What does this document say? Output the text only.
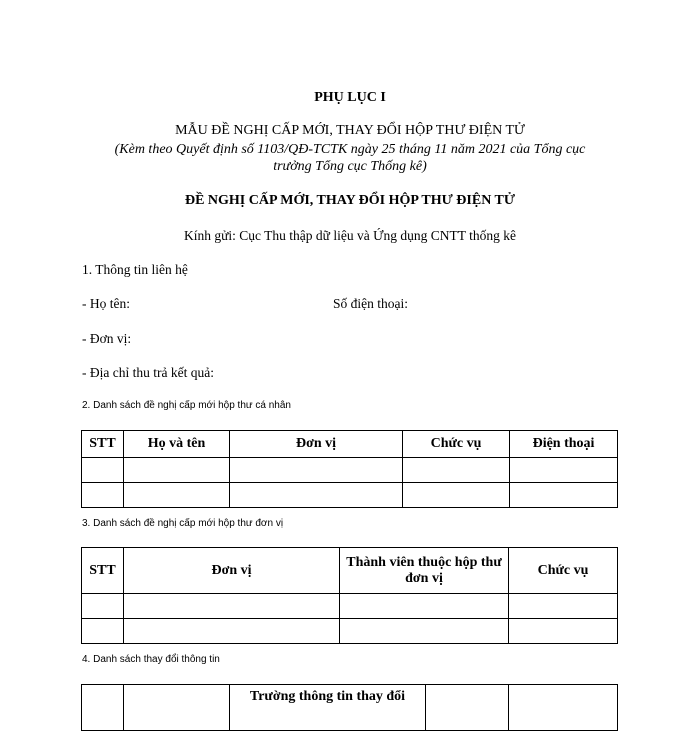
PHỤ LỤC I
MẪU ĐỀ NGHỊ CẤP MỚI, THAY ĐỔI HỘP THƯ ĐIỆN TỬ
(Kèm theo Quyết định số 1103/QĐ-TCTK ngày 25 tháng 11 năm 2021 của Tổng cục
trưởng Tổng cục Thống kê)
ĐỀ NGHỊ CẤP MỚI, THAY ĐỔI HỘP THƯ ĐIỆN TỬ
Kính gửi: Cục Thu thập dữ liệu và Ứng dụng CNTT thống kê
1. Thông tin liên hệ
- Họ tên:	Số điện thoại:
- Đơn vị:
- Địa chỉ thu trả kết quả:
2. Danh sách đề nghị cấp mới hộp thư cá nhân
STT	Họ và tên	Đơn vị	Chức vụ	Điện thoại

3. Danh sách đề nghị cấp mới hộp thư đơn vị
STT	Đơn vị	Thành viên thuộc hộp thư đơn vị	Chức vụ

4. Danh sách thay đổi thông tin
		Trường thông tin thay đổi		
